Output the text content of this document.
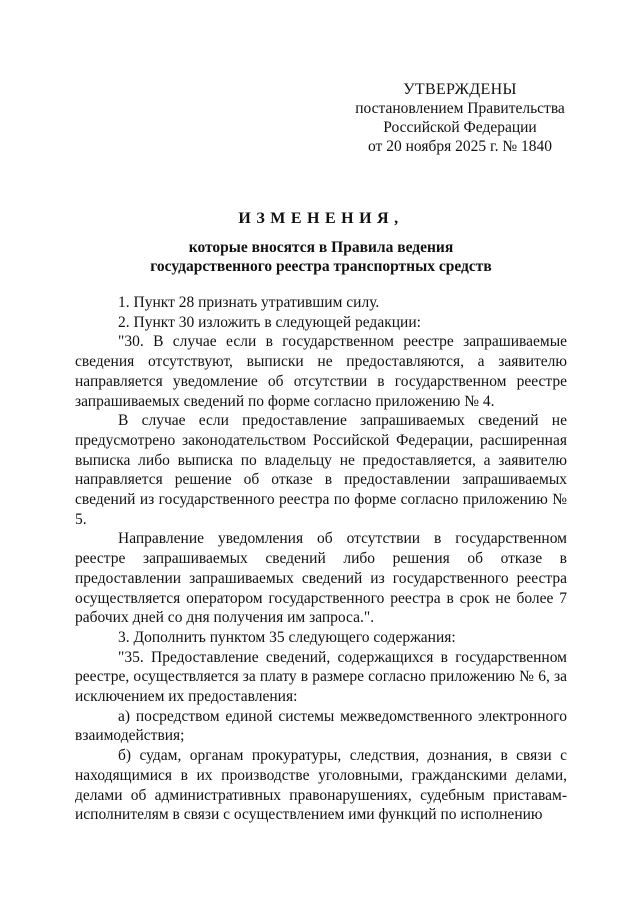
УТВЕРЖДЕНЫ
постановлением Правительства
Российской Федерации
от 20 ноября 2025 г. № 1840
ИЗМЕНЕНИЯ,
которые вносятся в Правила ведения
государственного реестра транспортных средств

1. Пункт 28 признать утратившим силу.

2. Пункт 30 изложить в следующей редакции:

"30. В случае если в государственном реестре запрашиваемые сведения отсутствуют, выписки не предоставляются, а заявителю направляется уведомление об отсутствии в государственном реестре запрашиваемых сведений по форме согласно приложению № 4.

В случае если предоставление запрашиваемых сведений не предусмотрено законодательством Российской Федерации, расширенная выписка либо выписка по владельцу не предоставляется, а заявителю направляется решение об отказе в предоставлении запрашиваемых сведений из государственного реестра по форме согласно приложению № 5.

Направление уведомления об отсутствии в государственном реестре запрашиваемых сведений либо решения об отказе в предоставлении запрашиваемых сведений из государственного реестра осуществляется оператором государственного реестра в срок не более 7 рабочих дней со дня получения им запроса.".

3. Дополнить пунктом 35 следующего содержания:

"35. Предоставление сведений, содержащихся в государственном реестре, осуществляется за плату в размере согласно приложению № 6, за исключением их предоставления:

а) посредством единой системы межведомственного электронного взаимодействия;

б) судам, органам прокуратуры, следствия, дознания, в связи с находящимися в их производстве уголовными, гражданскими делами, делами об административных правонарушениях, судебным приставам-исполнителям в связи с осуществлением ими функций по исполнению
